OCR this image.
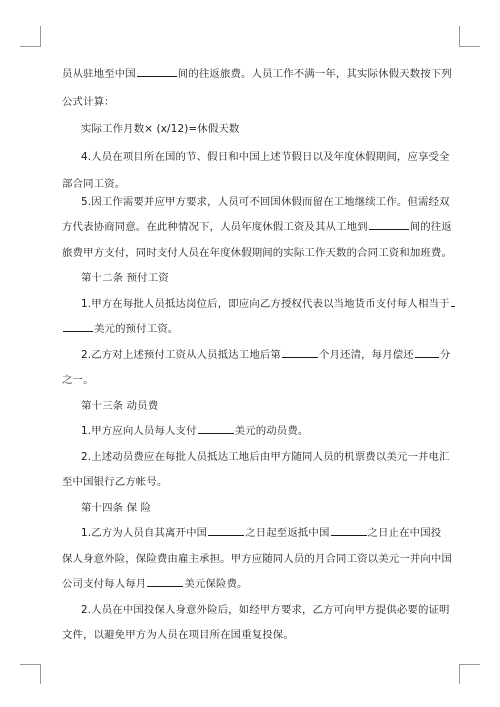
员从驻地至中国	间的往返旅费。人员工作不满一年，其实际休假天数按下列
公式计算：
实际工作月数× (x/12)=休假天数
4.人员在项目所在国的节、假日和中国上述节假日以及年度休假期间，应享受全
部合同工资。
5.因工作需要并应甲方要求，人员可不回国休假而留在工地继续工作。但需经双
方代表协商同意。在此种情况下，人员年度休假工资及其从工地到	间的往返
旅费甲方支付，同时支付人员在年度休假期间的实际工作天数的合同工资和加班费。
第十二条 预付工资
1.甲方在每批人员抵达岗位后，即应向乙方授权代表以当地货币支付每人相当于
美元的预付工资。
2.乙方对上述预付工资从人员抵达工地后第	个月还清，每月偿还	分
之一。
第十三条 动员费
1.甲方应向人员每人支付	美元的动员费。
2.上述动员费应在每批人员抵达工地后由甲方随同人员的机票费以美元一并电汇
至中国银行乙方帐号。
第十四条 保 险
1.乙方为人员自其离开中国	之日起至返抵中国	之日止在中国投
保人身意外险，保险费由雇主承担。甲方应随同人员的月合同工资以美元一并向中国
公司支付每人每月	美元保险费。
2.人员在中国投保人身意外险后，如经甲方要求，乙方可向甲方提供必要的证明
文件，以避免甲方为人员在项目所在国重复投保。
